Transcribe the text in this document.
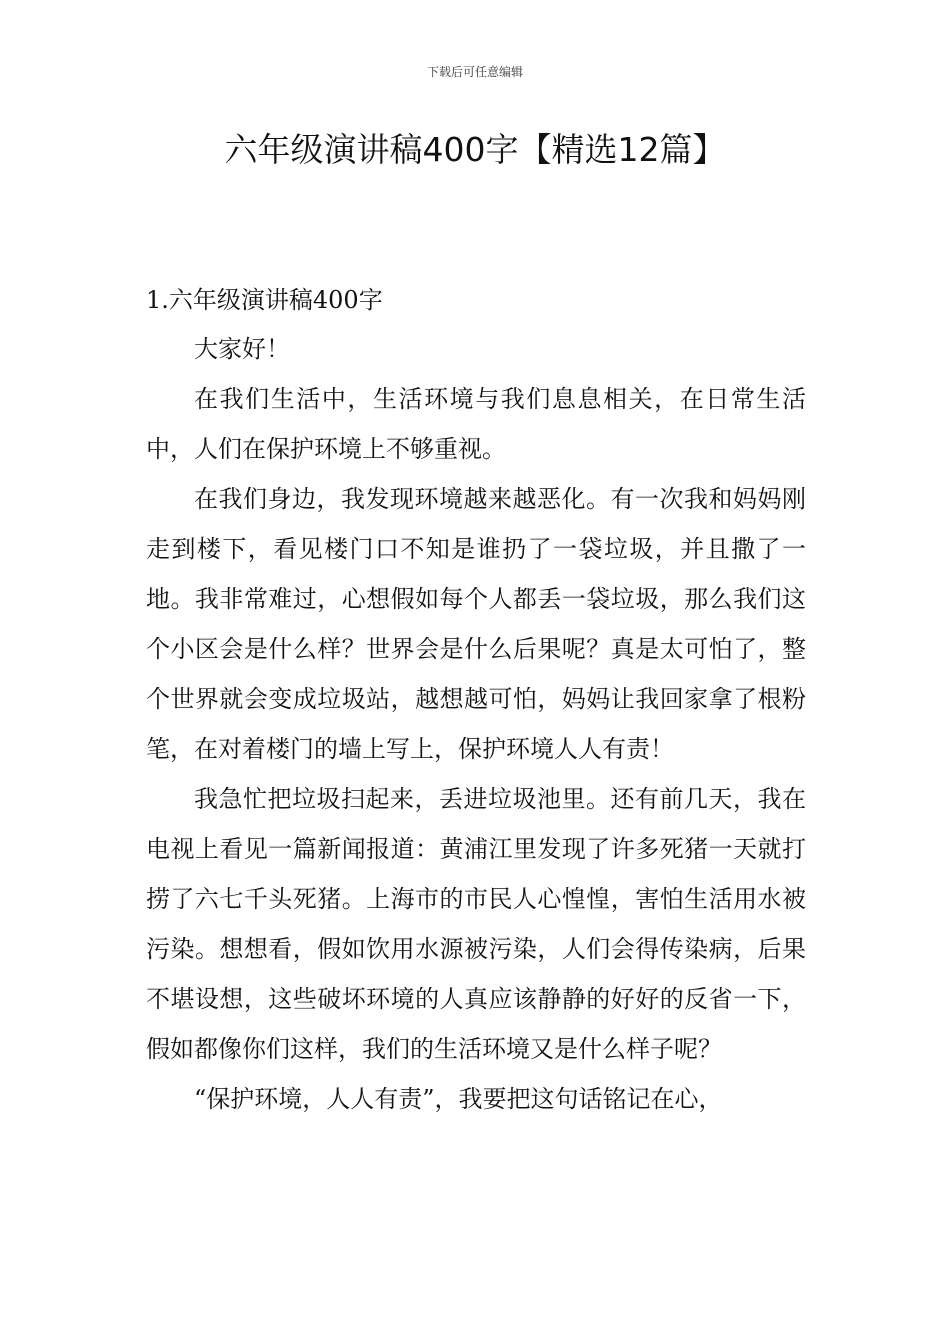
下载后可任意编辑
六年级演讲稿400字【精选12篇】
1.六年级演讲稿400字

大家好！

在我们生活中，生活环境与我们息息相关，在日常生活中，人们在保护环境上不够重视。

在我们身边，我发现环境越来越恶化。有一次我和妈妈刚走到楼下，看见楼门口不知是谁扔了一袋垃圾，并且撒了一地。我非常难过，心想假如每个人都丢一袋垃圾，那么我们这个小区会是什么样？世界会是什么后果呢？真是太可怕了，整个世界就会变成垃圾站，越想越可怕，妈妈让我回家拿了根粉笔，在对着楼门的墙上写上，保护环境人人有责！

我急忙把垃圾扫起来，丢进垃圾池里。还有前几天，我在电视上看见一篇新闻报道：黄浦江里发现了许多死猪一天就打捞了六七千头死猪。上海市的市民人心惶惶，害怕生活用水被污染。想想看，假如饮用水源被污染，人们会得传染病，后果不堪设想，这些破坏环境的人真应该静静的好好的反省一下，假如都像你们这样，我们的生活环境又是什么样子呢？

“保护环境，人人有责”，我要把这句话铭记在心，
